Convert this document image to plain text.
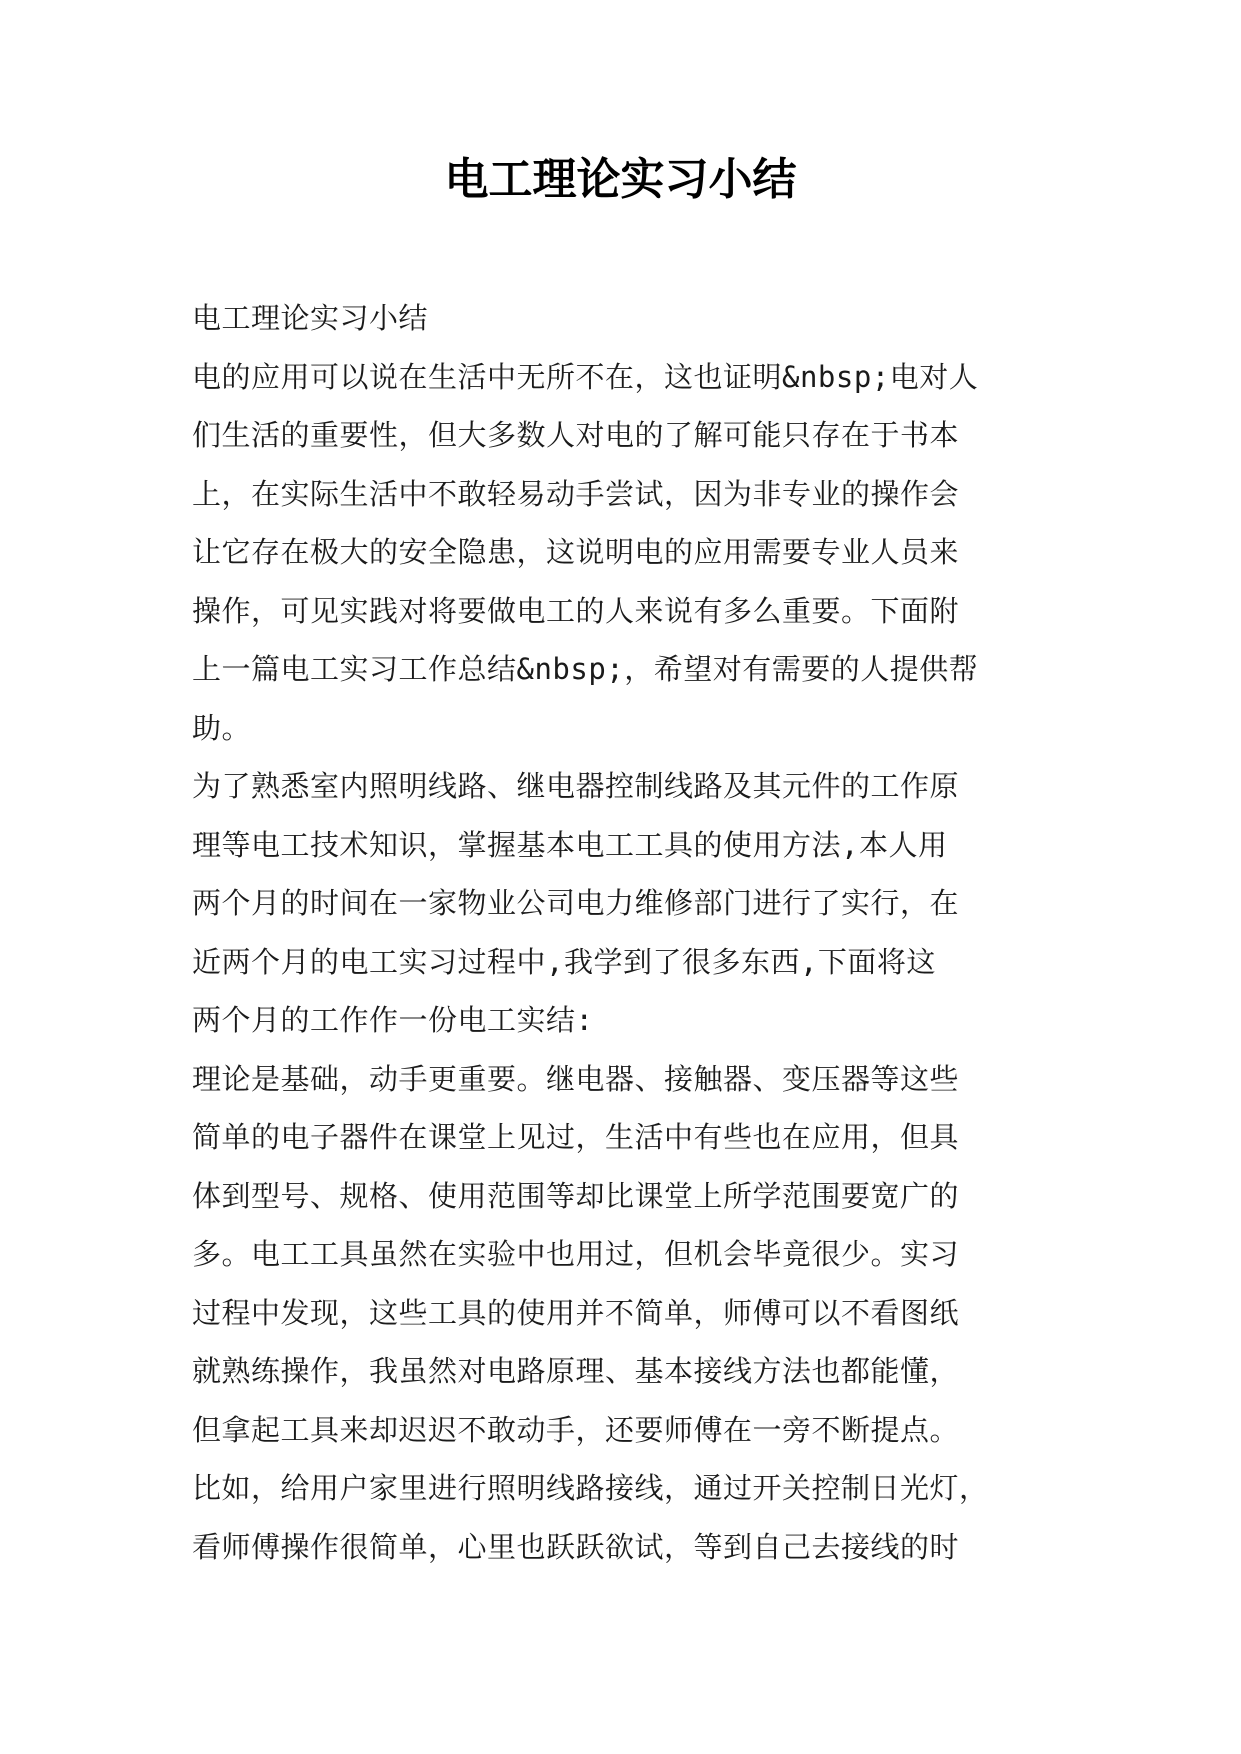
电工理论实习小结
电工理论实习小结
电的应用可以说在生活中无所不在，这也证明&nbsp;电对人
们生活的重要性，但大多数人对电的了解可能只存在于书本
上，在实际生活中不敢轻易动手尝试，因为非专业的操作会
让它存在极大的安全隐患，这说明电的应用需要专业人员来
操作，可见实践对将要做电工的人来说有多么重要。下面附
上一篇电工实习工作总结&nbsp;，希望对有需要的人提供帮
助。
为了熟悉室内照明线路、继电器控制线路及其元件的工作原
理等电工技术知识，掌握基本电工工具的使用方法,本人用
两个月的时间在一家物业公司电力维修部门进行了实行，在
近两个月的电工实习过程中,我学到了很多东西,下面将这
两个月的工作作一份电工实结:
理论是基础，动手更重要。继电器、接触器、变压器等这些
简单的电子器件在课堂上见过，生活中有些也在应用，但具
体到型号、规格、使用范围等却比课堂上所学范围要宽广的
多。电工工具虽然在实验中也用过，但机会毕竟很少。实习
过程中发现，这些工具的使用并不简单，师傅可以不看图纸
就熟练操作，我虽然对电路原理、基本接线方法也都能懂，
但拿起工具来却迟迟不敢动手，还要师傅在一旁不断提点。
比如，给用户家里进行照明线路接线，通过开关控制日光灯，
看师傅操作很简单，心里也跃跃欲试，等到自己去接线的时
